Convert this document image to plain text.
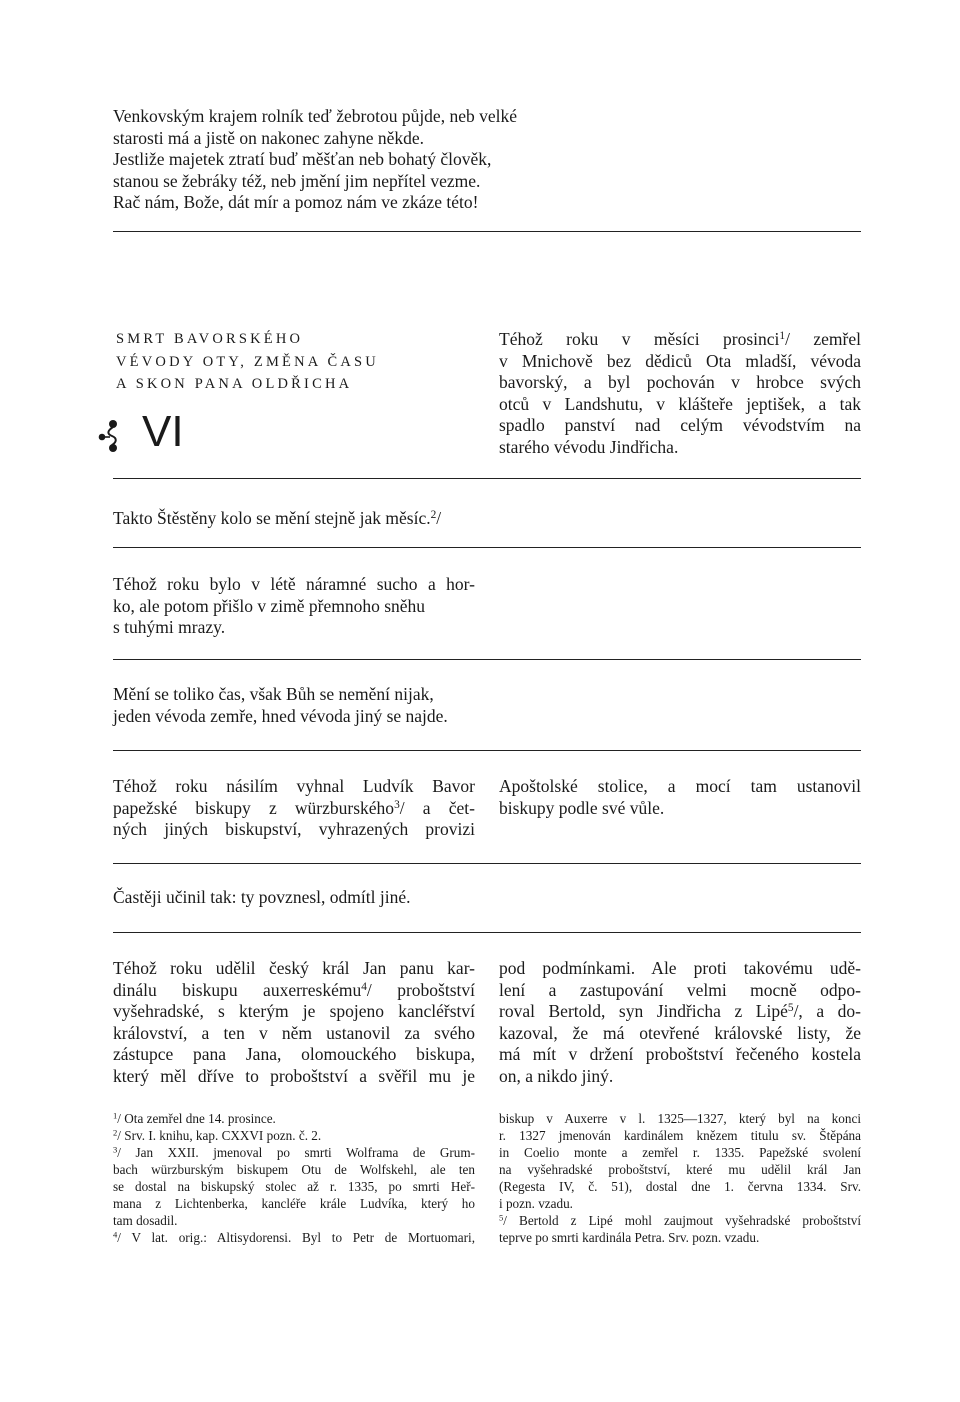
Venkovským krajem rolník teď žebrotou půjde, neb velké

starosti má a jistě on nakonec zahyne někde.

Jestliže majetek ztratí buď měšťan neb bohatý člověk,

stanou se žebráky též, neb jmění jim nepřítel vezme.

Rač nám, Bože, dát mír a pomoz nám ve zkáze této!

SMRT BAVORSKÉHO

VÉVODY OTY, ZMĚNA ČASU

A SKON PANA OLDŘICHA

VI

Téhož roku v měsíci prosinci$^1$/ zemřel

v Mnichově bez dědiců Ota mladší, vévoda

bavorský, a byl pochován v hrobce svých

otců v Landshutu, v klášteře jeptišek, a tak

spadlo panství nad celým vévodstvím na

starého vévodu Jindřicha.

Takto Štěstěny kolo se mění stejně jak měsíc.$^2$/

Téhož roku bylo v létě náramné sucho a hor-

ko, ale potom přišlo v zimě přemnoho sněhu

s tuhými mrazy.

Mění se toliko čas, však Bůh se nemění nijak,

jeden vévoda zemře, hned vévoda jiný se najde.

Téhož roku násilím vyhnal Ludvík Bavor

papežské biskupy z würzburského$^3$/ a čet-

ných jiných biskupství, vyhrazených provizi

Apoštolské stolice, a mocí tam ustanovil

biskupy podle své vůle.

Častěji učinil tak: ty povznesl, odmítl jiné.

Téhož roku udělil český král Jan panu kar-

dinálu biskupu auxerreskému$^4$/ proboštství

vyšehradské, s kterým je spojeno kancléřství

království, a ten v něm ustanovil za svého

zástupce pana Jana, olomouckého biskupa,

který měl dříve to proboštství a svěřil mu je

pod podmínkami. Ale proti takovému udě-

lení a zastupování velmi mocně odpo-

roval Bertold, syn Jindřicha z Lipé$^5$/, a do-

kazoval, že má otevřené královské listy, že

má mít v držení proboštství řečeného kostela

on, a nikdo jiný.

$^1$/ Ota zemřel dne 14. prosince.

$^2$/ Srv. I. knihu, kap. CXXVI pozn. č. 2.

$^3$/ Jan XXII. jmenoval po smrti Wolframa de Grum-

bach würzburským biskupem Otu de Wolfskehl, ale ten

se dostal na biskupský stolec až r. 1335, po smrti Heř-

mana z Lichtenberka, kancléře krále Ludvíka, který ho

tam dosadil.

$^4$/ V lat. orig.: Altisydorensi. Byl to Petr de Mortuomari,

biskup v Auxerre v l. 1325—1327, který byl na konci

r. 1327 jmenován kardinálem knězem titulu sv. Štěpána

in Coelio monte a zemřel r. 1335. Papežské svolení

na vyšehradské proboštství, které mu udělil král Jan

(Regesta IV, č. 51), dostal dne 1. června 1334. Srv.

i pozn. vzadu.

$^5$/ Bertold z Lipé mohl zaujmout vyšehradské proboštství

teprve po smrti kardinála Petra. Srv. pozn. vzadu.
